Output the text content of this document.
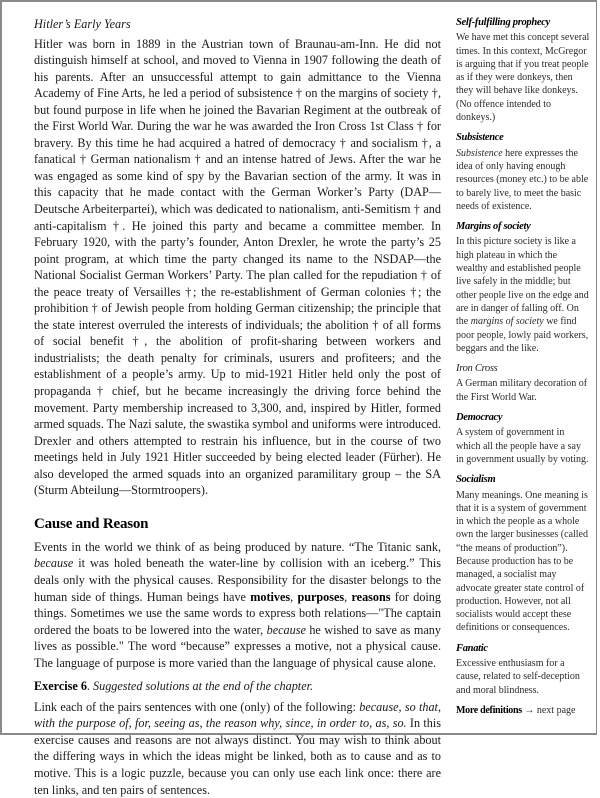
Hitler’s Early Years

Hitler was born in 1889 in the Austrian town of Braunau-am-Inn. He did not distinguish himself at school, and moved to Vienna in 1907 following the death of his parents. After an unsuccessful attempt to gain admittance to the Vienna Academy of Fine Arts, he led a period of subsistence † on the margins of society †, but found purpose in life when he joined the Bavarian Regiment at the outbreak of the First World War. During the war he was awarded the Iron Cross 1st Class † for bravery. By this time he had acquired a hatred of democracy † and socialism †, a fanatical † German nationalism † and an intense hatred of Jews. After the war he was engaged as some kind of spy by the Bavarian section of the army. It was in this capacity that he made contact with the German Worker’s Party (DAP—Deutsche Arbeiterpartei), which was dedicated to nationalism, anti-Semitism † and anti-capitalism †. He joined this party and became a committee member. In February 1920, with the party’s founder, Anton Drexler, he wrote the party’s 25 point program, at which time the party changed its name to the NSDAP—the National Socialist German Workers’ Party. The plan called for the repudiation † of the peace treaty of Versailles †; the re-establishment of German colonies †; the prohibition † of Jewish people from holding German citizenship; the principle that the state interest overruled the interests of individuals; the abolition † of all forms of social benefit †, the abolition of profit-sharing between workers and industrialists; the death penalty for criminals, usurers and profiteers; and the establishment of a people’s army. Up to mid-1921 Hitler held only the post of propaganda † chief, but he became increasingly the driving force behind the movement. Party membership increased to 3,300, and, inspired by Hitler, formed armed squads. The Nazi salute, the swastika symbol and uniforms were introduced. Drexler and others attempted to restrain his influence, but in the course of two meetings held in July 1921 Hitler succeeded by being elected leader (Fürher). He also developed the armed squads into an organized paramilitary group – the SA (Sturm Abteilung—Stormtroopers).

Cause and Reason

Events in the world we think of as being produced by nature. “The Titanic sank, because it was holed beneath the water-line by collision with an iceberg.” This deals only with the physical causes. Responsibility for the disaster belongs to the human side of things. Human beings have motives, purposes, reasons for doing things. Sometimes we use the same words to express both relations—"The captain ordered the boats to be lowered into the water, because he wished to save as many lives as possible." The word “because” expresses a motive, not a physical cause. The language of purpose is more varied than the language of physical cause alone.

Exercise 6. Suggested solutions at the end of the chapter.

Link each of the pairs sentences with one (only) of the following: because, so that, with the purpose of, for, seeing as, the reason why, since, in order to, as, so. In this exercise causes and reasons are not always distinct. You may wish to think about the differing ways in which the ideas might be linked, both as to cause and as to motive. This is a logic puzzle, because you can only use each link once: there are ten links, and ten pairs of sentences.

Self-fulfilling prophecy

We have met this concept several times. In this context, McGregor is arguing that if you treat people as if they were donkeys, then they will behave like donkeys. (No offence intended to donkeys.)

Subsistence

Subsistence here expresses the idea of only having enough resources (money etc.) to be able to barely live, to meet the basic needs of existence.

Margins of society

In this picture society is like a high plateau in which the wealthy and established people live safely in the middle; but other people live on the edge and are in danger of falling off. On the margins of society we find poor people, lowly paid workers, beggars and the like.

Iron Cross

A German military decoration of the First World War.

Democracy

A system of government in which all the people have a say in government usually by voting.

Socialism

Many meanings. One meaning is that it is a system of government in which the people as a whole own the larger businesses (called “the means of production”). Because production has to be managed, a socialist may advocate greater state control of production. However, not all socialists would accept these definitions or consequences.

Fanatic

Excessive enthusiasm for a cause, related to self-deception and moral blindness.

More definitions → next page
